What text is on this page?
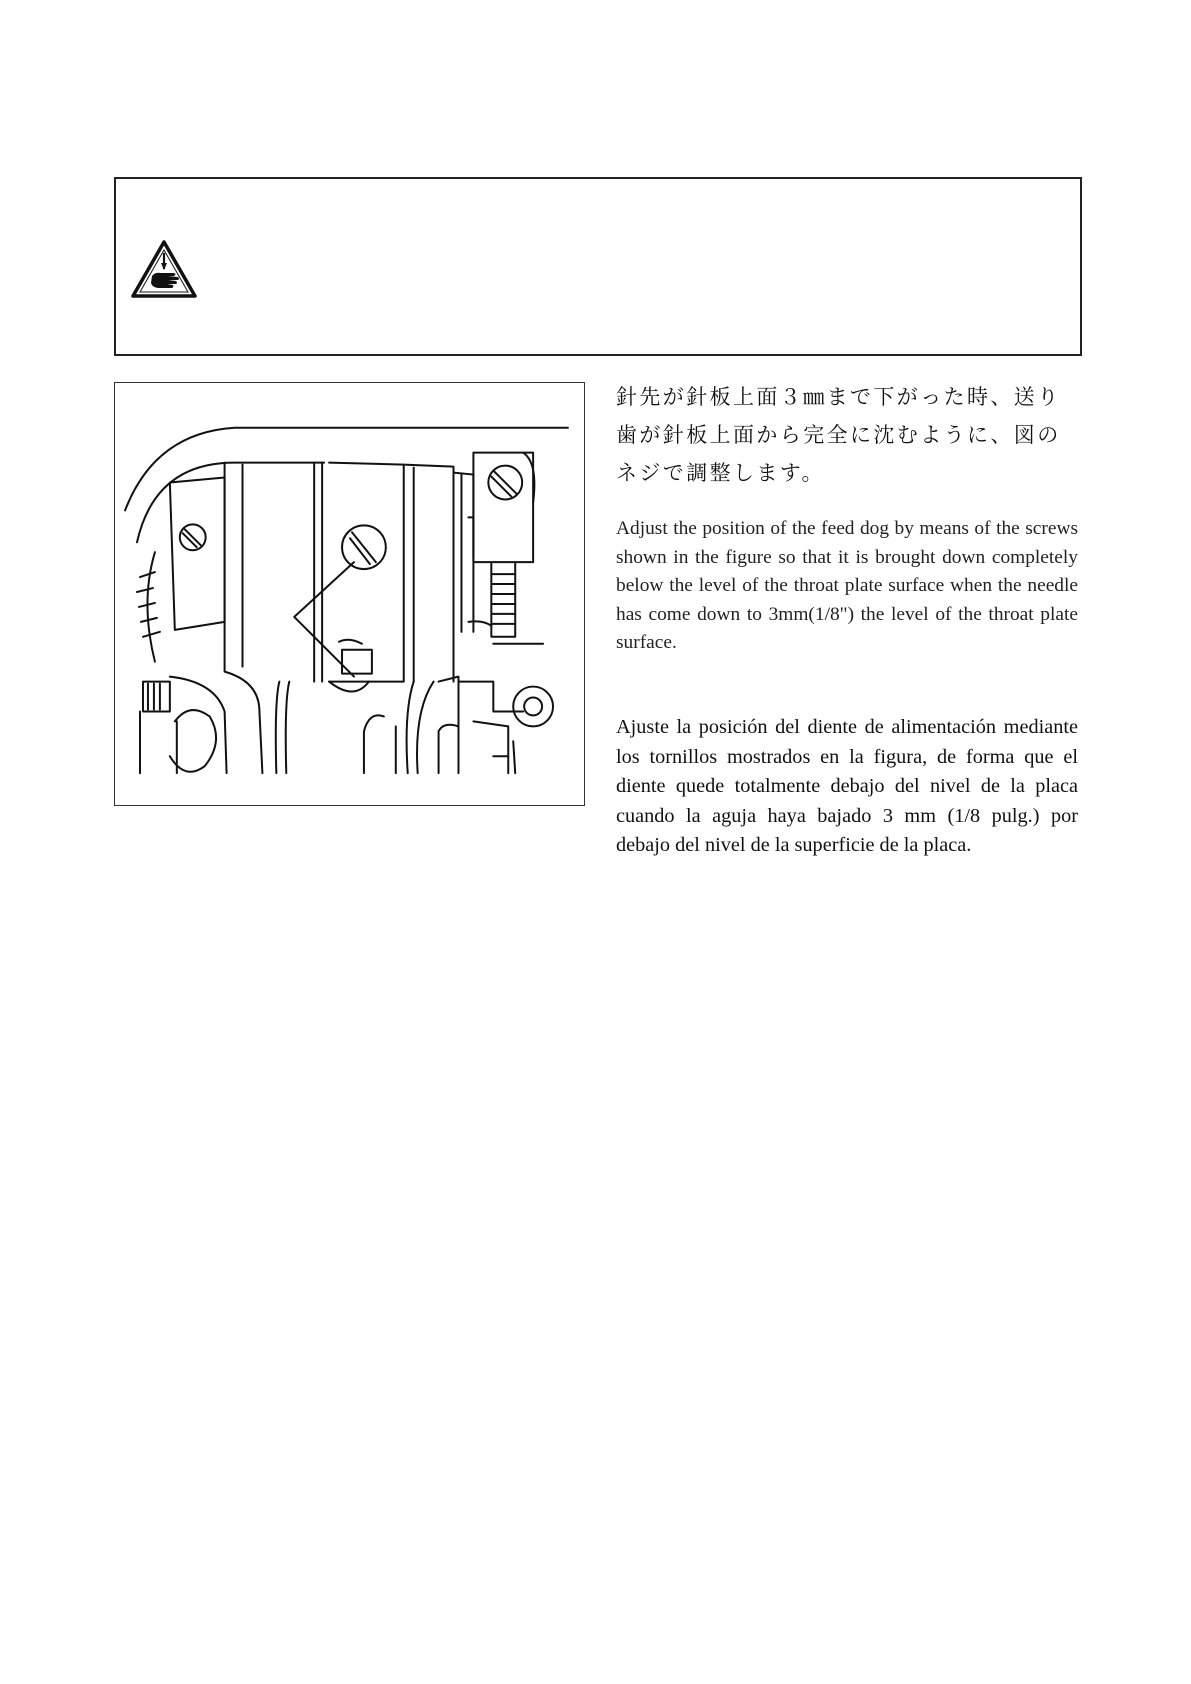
針先が針板上面３㎜まで下がった時、送り歯が針板上面から完全に沈むように、図のネジで調整します。

Adjust the position of the feed dog by means of the screws shown in the figure so that it is brought down completely below the level of the throat plate surface when the needle has come down to 3mm(1/8") the level of the throat plate surface.

Ajuste la posición del diente de alimentación mediante los tornillos mostrados en la figura, de forma que el diente quede totalmente debajo del nivel de la placa cuando la aguja haya bajado 3 mm (1/8 pulg.) por debajo del nivel de la superficie de la placa.
